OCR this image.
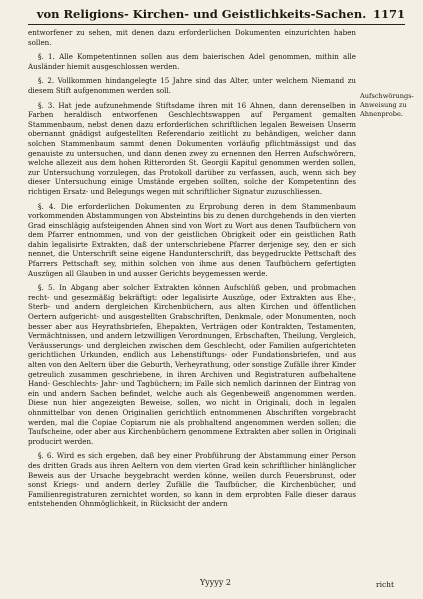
von Religions- Kirchen- und Geistlichkeits-Sachen. 1171

entworfener zu sehen, mit denen dazu erforderlichen Dokumenten einzurichten haben sollen.

§. 1. Alle Kompetentinnen sollen aus dem baierischen Adel genommen, mithin alle Ausländer hiemit ausgeschlossen werden.

§. 2. Vollkommen hindangelegte 15 Jahre sind das Alter, unter welchem Niemand zu diesem Stift aufgenommen werden soll.

§. 3. Hat jede aufzunehmende Stiftsdame ihren mit 16 Ahnen, dann derenselben in Farben heraldisch entworfenen Geschlechtswappen auf Pergament gemalten Stammenbaum, nebst denen dazu erforderlichen schriftlichen legalen Beweisen Unserm obernannt gnädigst aufgestellten Referendario zeitlicht zu behändigen, welcher dann solchen Stammenbaum sammt denen Dokumenten vorläufig pflichtmässigst und das genauiste zu untersuchen, und dann denen zwey zu ernennen den Herren Aufschwörern, welche allezeit aus dem hohen Ritterorden St. Georgii Kapitul genommen werden sollen, zur Untersuchung vorzulegen, das Protokoll darüber zu verfassen, auch, wenn sich bey dieser Untersuchung einige Umstände ergeben sollten, solche der Kompetentinn des richtigen Ersatz- und Belegungs wegen mit schriftlicher Signatur zuzuschliessen.

§. 4. Die erforderlichen Dokumenten zu Erprobung deren in dem Stammenbaum vorkommenden Abstammungen von Absteintins bis zu denen durchgehends in den vierten Grad einschlägig aufsteigenden Ahnen sind von Wort zu Wort aus denen Taufbüchern von dem Pfarrer entnommen, und von der geistlichen Obrigkeit oder ein geistlichen Rath dahin legalisirte Extrakten, daß der unterschriebene Pfarrer derjenige sey, den er sich nennet, die Unterschrift seine eigene Handunterschrift, das beygedruckte Pettschaft des Pfarrers Pettschaft sey, mithin solchen von ihme aus denen Taufbüchern gefertigten Auszügen all Glauben in und ausser Gerichts beygemessen werde.

§. 5. In Abgang aber solcher Extrakten können Aufschlüß geben, und probmachen recht- und gesezmäßig bekräftigt: oder legalisirte Auszüge, oder Extrakten aus Ehe-, Sterb- und andern dergleichen Kirchenbüchern, aus alten Kirchen und öffentlichen Oertern aufgericht- und ausgestellten Grabschriften, Denkmale, oder Monumenten, noch besser aber aus Heyrathsbriefen, Ehepakten, Verträgen oder Kontrakten, Testamenten, Vermächtnissen, und andern letzwilligen Verordnungen, Erbschaften, Theilung, Vergleich, Veräusserungs- und dergleichen zwischen dem Geschlecht, oder Familien aufgerichteten gerichtlichen Urkunden, endlich aus Lehenstiftungs- oder Fundationsbriefen, und aus alten von den Aeltern über die Geburth, Verheyrathung, oder sonstige Zufälle ihrer Kinder getreulich zusammen geschriebene, in ihren Archiven und Registraturen aufbehaltene Hand- Geschlechts- Jahr- und Tagbüchern; im Falle sich nemlich darinnen der Eintrag von ein und andern Sachen befindet, welche auch als Gegenbeweiß angenommen werden. Diese nun hier angezeigten Beweise, sollen, wo nicht in Originali, doch in legalen ohnmittelbar von denen Originalien gerichtlich entnommenen Abschriften vorgebracht werden, mal die Copiae Copiarum nie als probhaltend angenommen werden sollen; die Taufscheine, oder aber aus Kirchenbüchern genommene Extrakten aber sollen in Originali producirt werden.

§. 6. Wird es sich ergeben, daß bey einer Probführung der Abstammung einer Person des dritten Grads aus ihren Aeltern von dem vierten Grad kein schriftlicher hinlänglicher Beweis aus der Ursache beygebracht werden könne, weilen durch Feuersbrunst, oder sonst Kriegs- und andern derley Zufälle die Taufbücher, die Kirchenbücher, und Familienregistraturen zernichtet worden, so kann in dem erprobten Falle dieser daraus entstehenden Ohnmöglichkeit, in Rücksicht der andern

Aufschwörungs-Anweisung zu Ahnenprobe.
Yyyyy 2	richt
